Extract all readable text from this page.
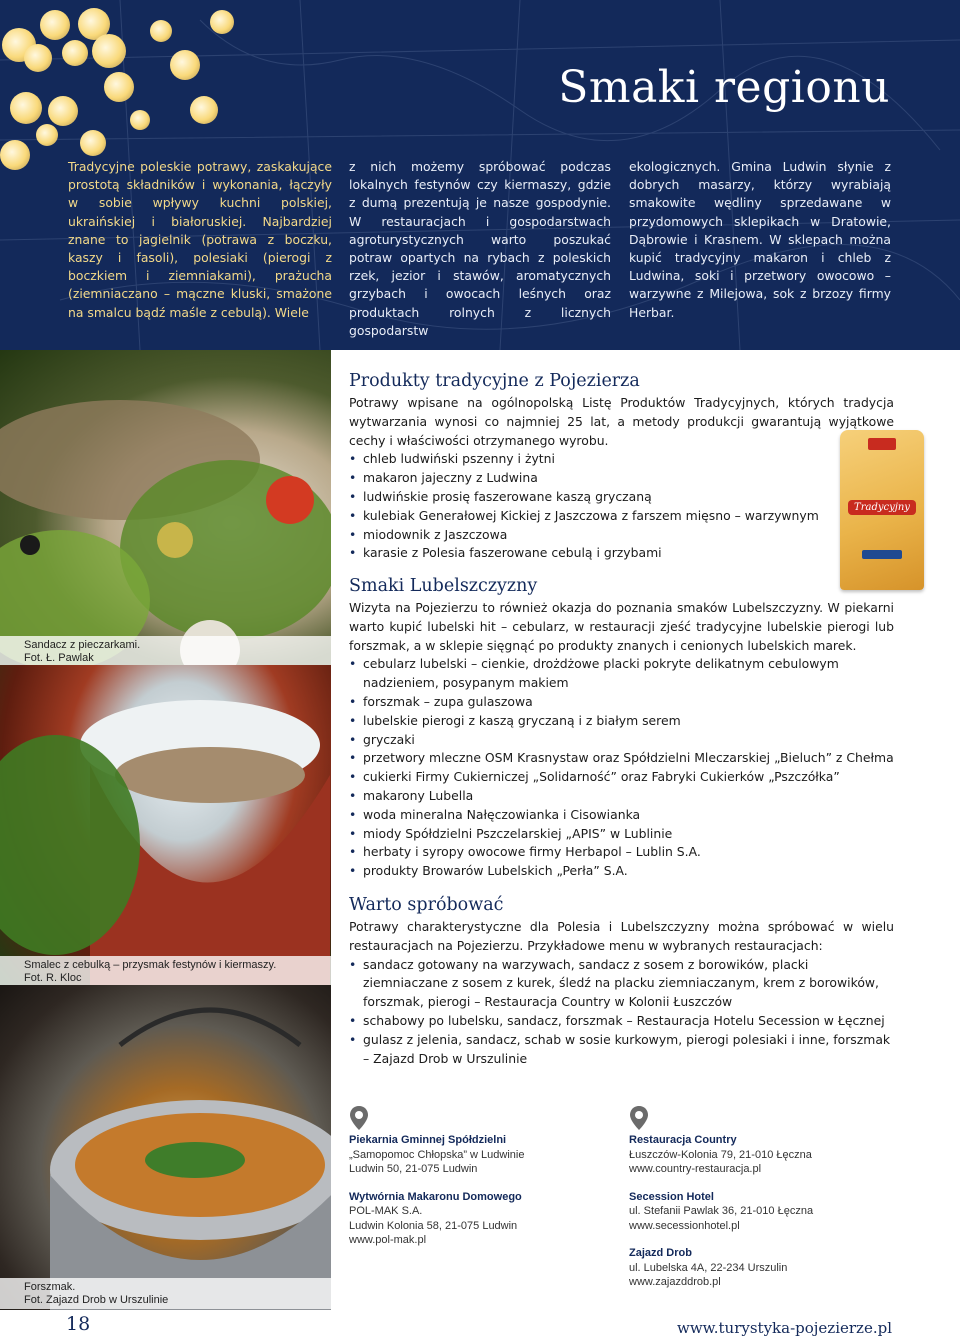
Smaki regionu
Tradycyjne poleskie potrawy, zaskakujące prostotą składników i wykonania, łączyły w sobie wpływy kuchni polskiej, ukraińskiej i białoruskiej. Najbardziej znane to jagielnik (potrawa z boczku, kaszy i fasoli), polesiaki (pierogi z boczkiem i ziemniakami), prażucha (ziemniaczano – mączne kluski, smażone na smalcu bądź maśle z cebulą). Wiele
z nich możemy spróbować podczas lokalnych festynów czy kiermaszy, gdzie z dumą prezentują je nasze gospodynie. W restauracjach i gospodarstwach agroturystycznych warto poszukać potraw opartych na rybach z poleskich rzek, jezior i stawów, aromatycznych grzybach i owocach leśnych oraz produktach rolnych z licznych gospodarstw
ekologicznych. Gmina Ludwin słynie z dobrych masarzy, którzy wyrabiają smakowite wędliny sprzedawane w przydomowych sklepikach w Dratowie, Dąbrowie i Krasnem. W sklepach można kupić tradycyjny makaron i chleb z Ludwina, soki i przetwory owocowo – warzywne z Milejowa, sok z brzozy firmy Herbar.
Sandacz z pieczarkami.
Fot. Ł. Pawlak
Smalec z cebulką – przysmak festynów i kiermaszy.
Fot. R. Kloc
Forszmak.
Fot. Zajazd Drob w Urszulinie
Produkty tradycyjne z Pojezierza

Potrawy wpisane na ogólnopolską Listę Produktów Tradycyjnych, których tradycja wytwarzania wynosi co najmniej 25 lat, a metody produkcji gwarantują wyjątkowe cechy i właściwości otrzymanego wyrobu.

• chleb ludwiński pszenny i żytni
• makaron jajeczny z Ludwina
• ludwińskie prosię faszerowane kaszą gryczaną
• kulebiak Generałowej Kickiej z Jaszczowa z farszem mięsno – warzywnym
• miodownik z Jaszczowa
• karasie z Polesia faszerowane cebulą i grzybami
Tradycyjny
Smaki Lubelszczyzny

Wizyta na Pojezierzu to również okazja do poznania smaków Lubelszczyzny. W piekarni warto kupić lubelski hit – cebularz, w restauracji zjeść tradycyjne lubelskie pierogi lub forszmak, a w sklepie sięgnąć po produkty znanych i cenionych lubelskich marek.

• cebularz lubelski – cienkie, drożdżowe placki pokryte delikatnym cebulowym nadzieniem, posypanym makiem
• forszmak – zupa gulaszowa
• lubelskie pierogi z kaszą gryczaną i z białym serem
• gryczaki
• przetwory mleczne OSM Krasnystaw oraz Spółdzielni Mleczarskiej „Bieluch” z Chełma
• cukierki Firmy Cukierniczej „Solidarność” oraz Fabryki Cukierków „Pszczółka”
• makarony Lubella
• woda mineralna Nałęczowianka i Cisowianka
• miody Spółdzielni Pszczelarskiej „APIS” w Lublinie
• herbaty i syropy owocowe firmy Herbapol – Lublin S.A.
• produkty Browarów Lubelskich „Perła” S.A.
Warto spróbować

Potrawy charakterystyczne dla Polesia i Lubelszczyzny można spróbować w wielu restauracjach na Pojezierzu. Przykładowe menu w wybranych restauracjach:

• sandacz gotowany na warzywach, sandacz z sosem z borowików, placki ziemniaczane z sosem z kurek, śledź na placku ziemniaczanym, krem z borowików, forszmak, pierogi – Restauracja Country w Kolonii Łuszczów
• schabowy po lubelsku, sandacz, forszmak – Restauracja Hotelu Secession w Łęcznej
• gulasz z jelenia, sandacz, schab w sosie kurkowym, pierogi polesiaki i inne, forszmak – Zajazd Drob w Urszulinie
Piekarnia Gminnej Spółdzielni
„Samopomoc Chłopska” w Ludwinie
Ludwin 50, 21-075 Ludwin
Wytwórnia Makaronu Domowego
POL-MAK S.A.
Ludwin Kolonia 58, 21-075 Ludwin
www.pol-mak.pl
Restauracja Country
Łuszczów-Kolonia 79, 21-010 Łęczna
www.country-restauracja.pl
Secession Hotel
ul. Stefanii Pawlak 36, 21-010 Łęczna
www.secessionhotel.pl
Zajazd Drob
ul. Lubelska 4A, 22-234 Urszulin
www.zajazddrob.pl
18	www.turystyka-pojezierze.pl
